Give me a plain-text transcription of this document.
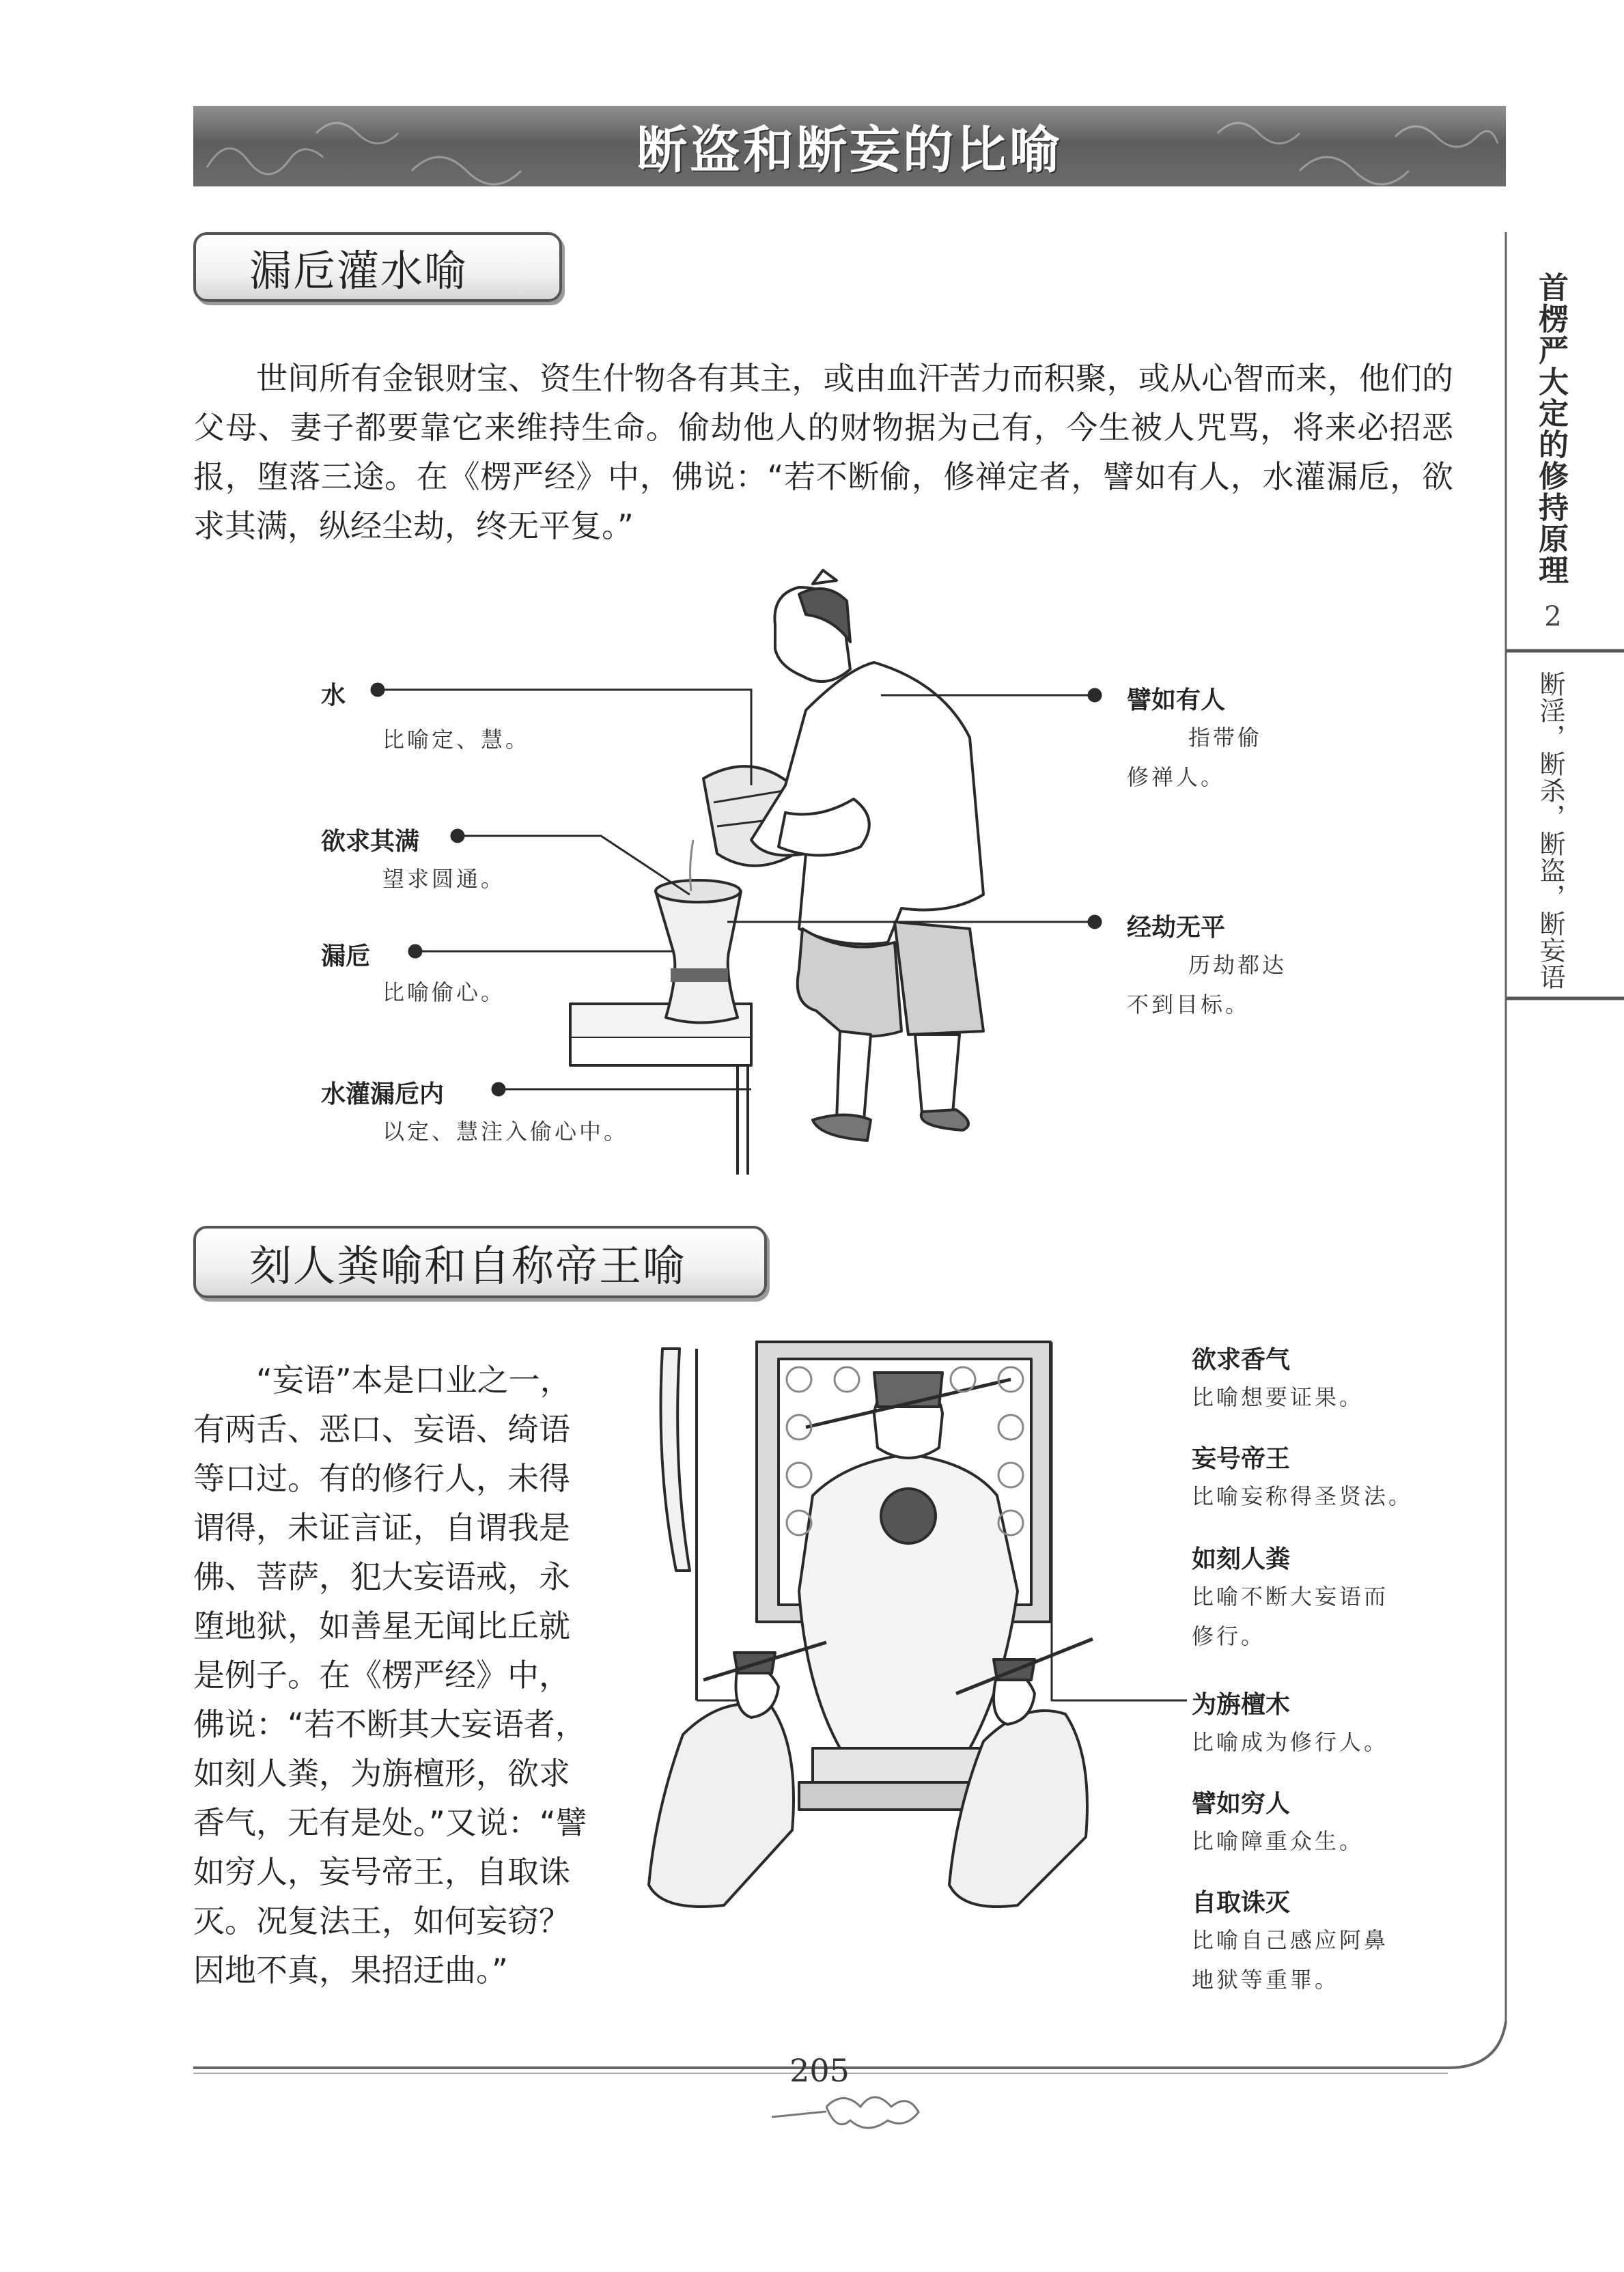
断盗和断妄的比喻
首楞严大定的修持原理
2
断淫，断杀，断盗，断妄语
漏卮灌水喻
世间所有金银财宝、资生什物各有其主，或由血汗苦力而积聚，或从心智而来，他们的父母、妻子都要靠它来维持生命。偷劫他人的财物据为己有，今生被人咒骂，将来必招恶报，堕落三途。在《楞严经》中，佛说：“若不断偷，修禅定者，譬如有人，水灌漏卮，欲求其满，纵经尘劫，终无平复。”
水
比喻定、慧。
欲求其满
望求圆通。
漏卮
比喻偷心。
水灌漏卮内
以定、慧注入偷心中。
譬如有人
指带偷
修禅人。
经劫无平
历劫都达
不到目标。
刻人粪喻和自称帝王喻
“妄语”本是口业之一，有两舌、恶口、妄语、绮语等口过。有的修行人，未得谓得，未证言证，自谓我是佛、菩萨，犯大妄语戒，永堕地狱，如善星无闻比丘就是例子。在《楞严经》中，佛说：“若不断其大妄语者，如刻人粪，为旃檀形，欲求香气，无有是处。”又说：“譬如穷人，妄号帝王，自取诛灭。况复法王，如何妄窃？因地不真，果招迂曲。”
欲求香气
比喻想要证果。
妄号帝王
比喻妄称得圣贤法。
如刻人粪
比喻不断大妄语而
修行。
为旃檀木
比喻成为修行人。
譬如穷人
比喻障重众生。
自取诛灭
比喻自己感应阿鼻
地狱等重罪。
205
